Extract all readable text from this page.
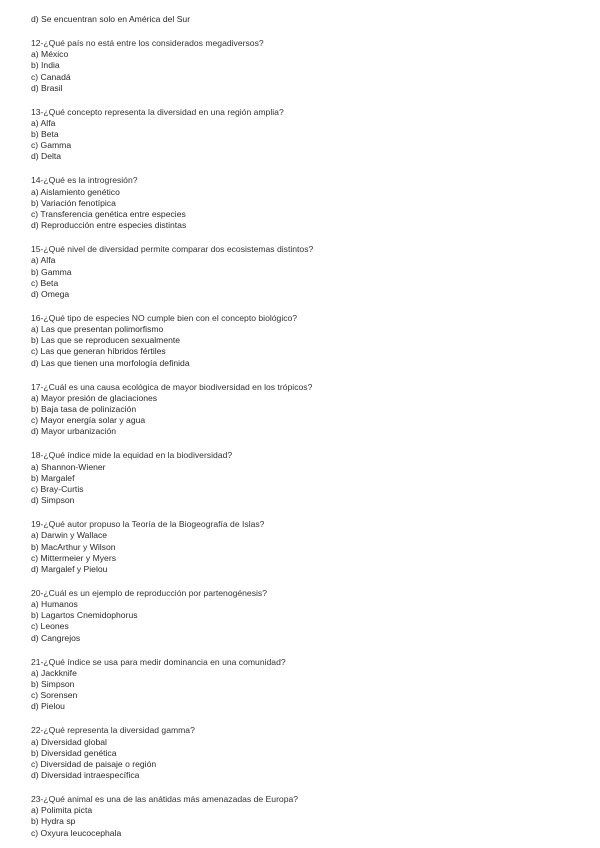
d) Se encuentran solo en América del Sur
12-¿Qué país no está entre los considerados megadiversos?
a) México
b) India
c) Canadá
d) Brasil
13-¿Qué concepto representa la diversidad en una región amplia?
a) Alfa
b) Beta
c) Gamma
d) Delta
14-¿Qué es la introgresión?
a) Aislamiento genético
b) Variación fenotípica
c) Transferencia genética entre especies
d) Reproducción entre especies distintas
15-¿Qué nivel de diversidad permite comparar dos ecosistemas distintos?
a) Alfa
b) Gamma
c) Beta
d) Omega
16-¿Qué tipo de especies NO cumple bien con el concepto biológico?
a) Las que presentan polimorfismo
b) Las que se reproducen sexualmente
c) Las que generan híbridos fértiles
d) Las que tienen una morfología definida
17-¿Cuál es una causa ecológica de mayor biodiversidad en los trópicos?
a) Mayor presión de glaciaciones
b) Baja tasa de polinización
c) Mayor energía solar y agua
d) Mayor urbanización
18-¿Qué índice mide la equidad en la biodiversidad?
a) Shannon-Wiener
b) Margalef
c) Bray-Curtis
d) Simpson
19-¿Qué autor propuso la Teoría de la Biogeografía de Islas?
a) Darwin y Wallace
b) MacArthur y Wilson
c) Mittermeier y Myers
d) Margalef y Pielou
20-¿Cuál es un ejemplo de reproducción por partenogénesis?
a) Humanos
b) Lagartos Cnemidophorus
c) Leones
d) Cangrejos
21-¿Qué índice se usa para medir dominancia en una comunidad?
a) Jackknife
b) Simpson
c) Sorensen
d) Pielou
22-¿Qué representa la diversidad gamma?
a) Diversidad global
b) Diversidad genética
c) Diversidad de paisaje o región
d) Diversidad intraespecífica
23-¿Qué animal es una de las anátidas más amenazadas de Europa?
a) Polimita picta
b) Hydra sp
c) Oxyura leucocephala
